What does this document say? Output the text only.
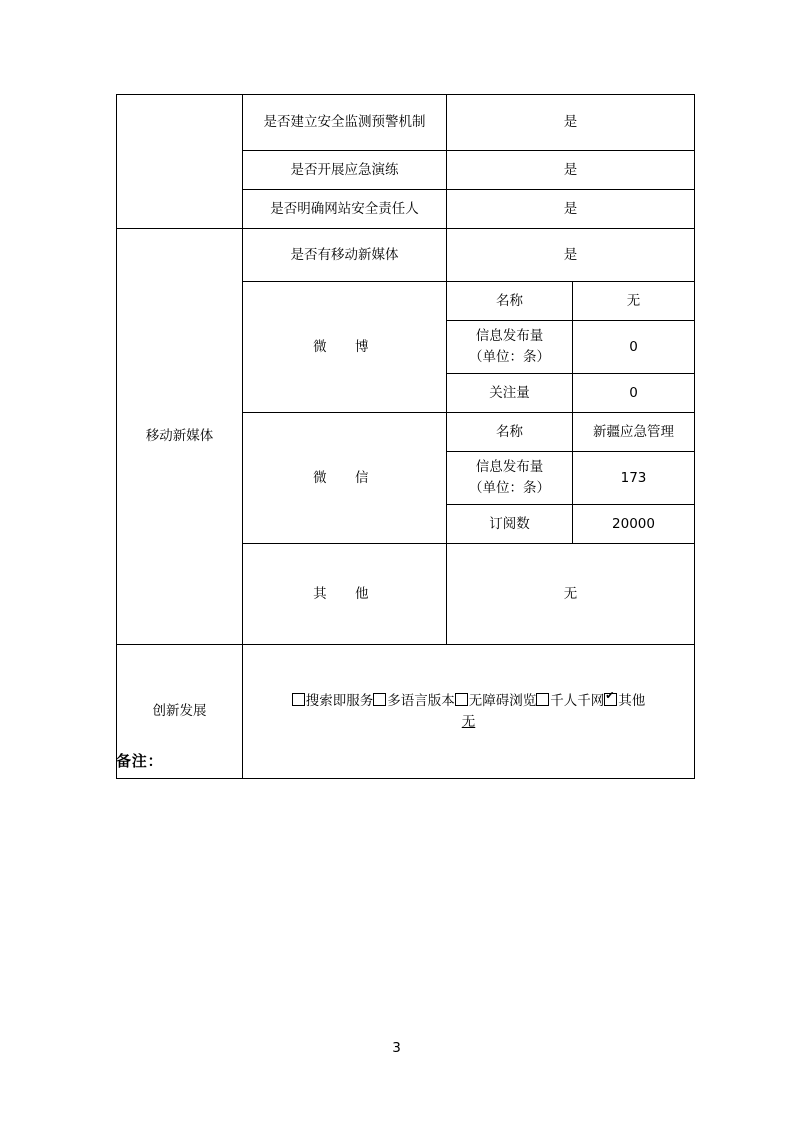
	是否建立安全监测预警机制	是	
	是否开展应急演练	是	
	是否明确网站安全责任人	是	
移动新媒体	是否有移动新媒体	是	
	微　博	名称	无

		信息发布量
（单位：条）	0
		关注量	0
	微　信	名称	新疆应急管理

		信息发布量
（单位：条）	173
		订阅数	20000
	其　他	无	
创新发展	搜索即服务 多语言版本 无障碍浏览 千人千网 ✔ 其他
无
备注：
3
